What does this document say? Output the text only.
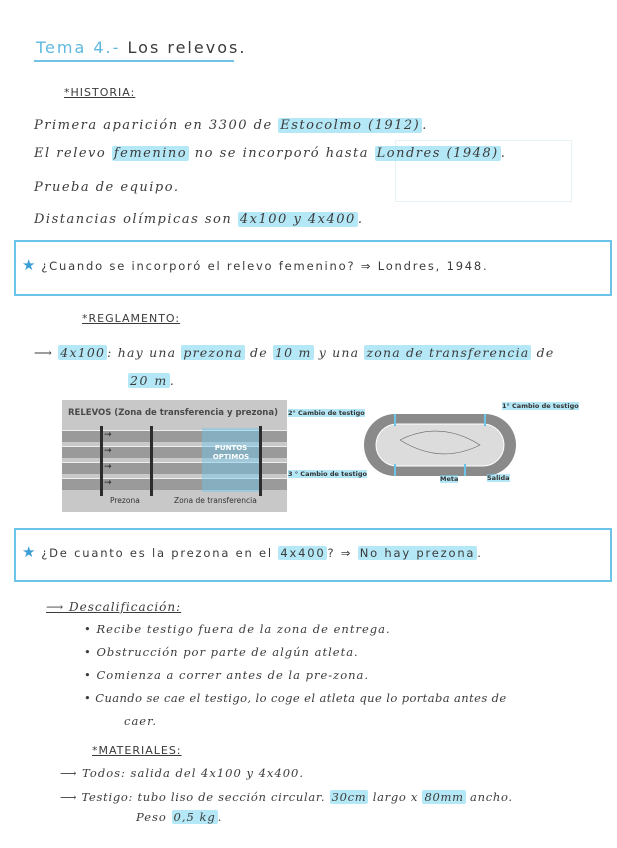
Tema 4.- Los relevos.
*HISTORIA:
Primera aparición en 3300 de Estocolmo (1912) .
El relevo femenino no se incorporó hasta Londres (1948) .
Prueba de equipo.
Distancias olímpicas son 4x100 y 4x400 .
★ ¿Cuando se incorporó el relevo femenino? ⇒ Londres, 1948.
*REGLAMENTO:
⟶ 4x100 : hay una prezona de 10 m y una zona de transferencia de
20 m .
RELEVOS (Zona de transferencia y prezona)
PUNTOS
OPTIMOS
→
→
→
→
Prezona	Zona de transferencia
2° Cambio de testigo
1° Cambio de testigo
3 ° Cambio de testigo
Meta	Salida
★ ¿De cuanto es la prezona en el 4x400 ? ⇒ No hay prezona .
⟶ Descalificación:
• Recibe testigo fuera de la zona de entrega.
• Obstrucción por parte de algún atleta.
• Comienza a correr antes de la pre-zona.
• Cuando se cae el testigo, lo coge el atleta que lo portaba antes de
caer.
*MATERIALES:
⟶ Todos: salida del 4x100 y 4x400.
⟶ Testigo: tubo liso de sección circular. 30cm largo x 80mm ancho.
Peso 0,5 kg .
